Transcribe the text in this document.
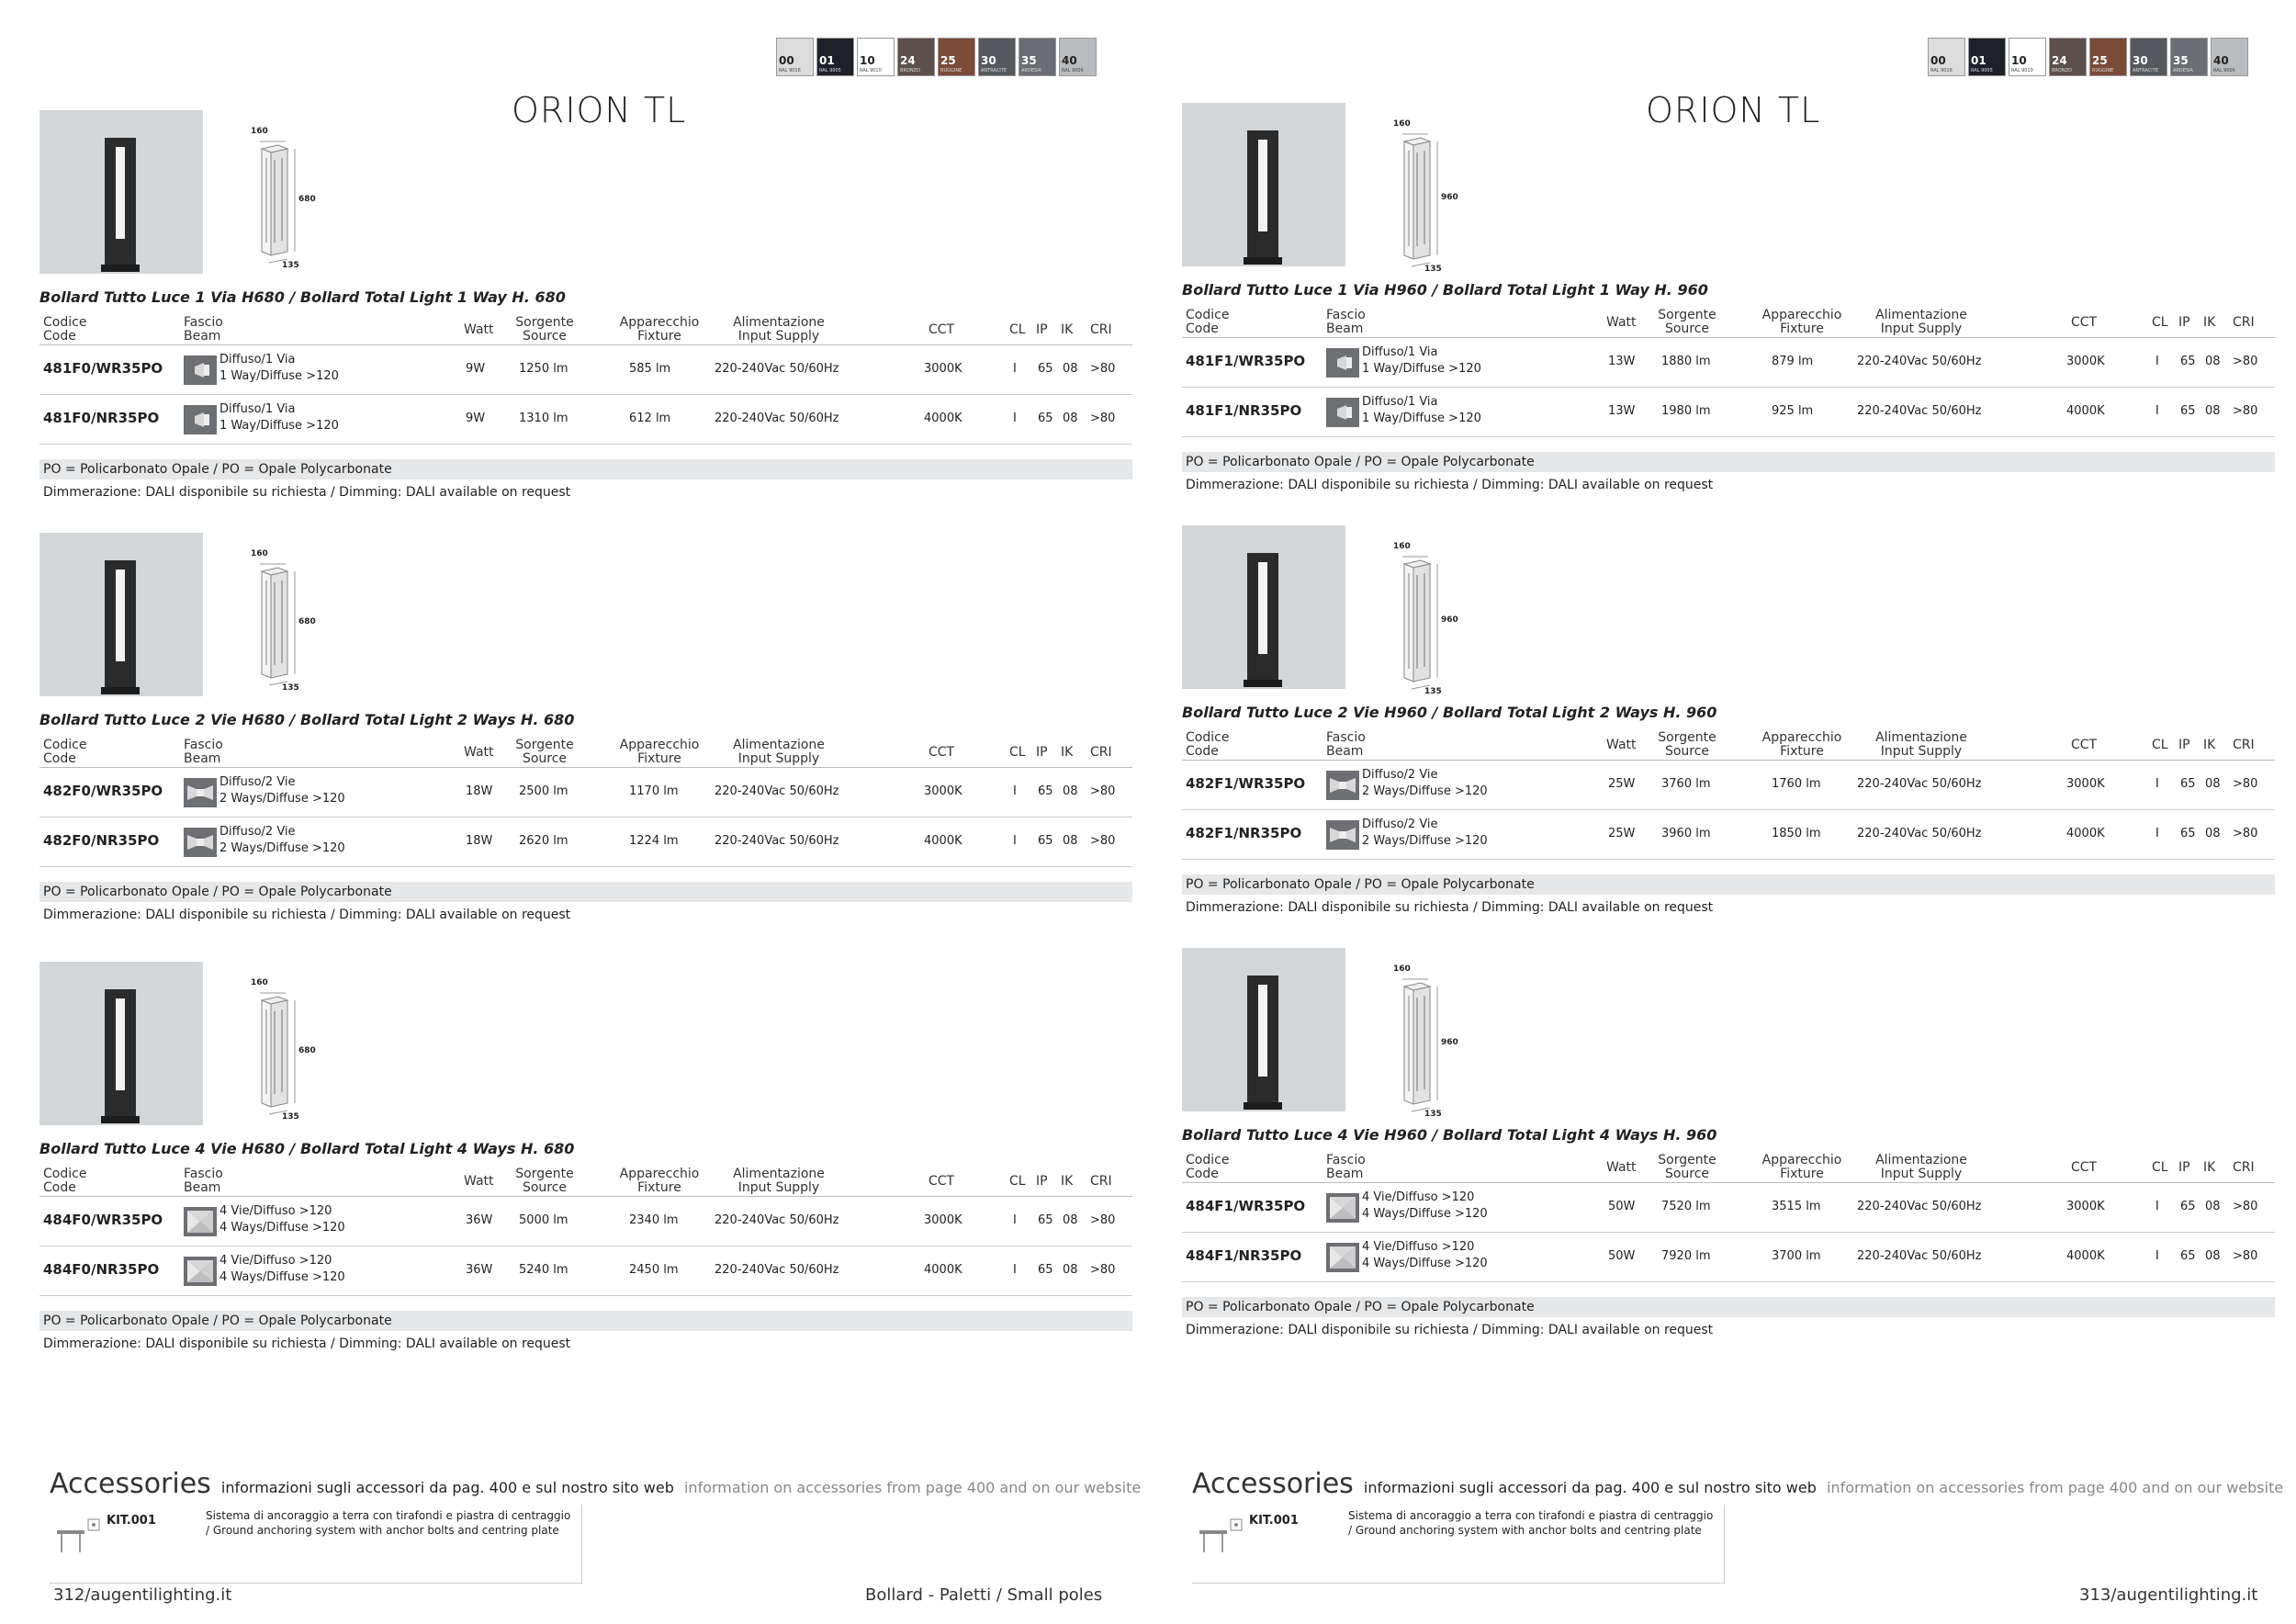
00
RAL 9016
01
RAL 9005
10
RAL 9010
24
BRONZO
25
RUGGINE
30
ANTRACITE
35
ARDESIA
40
RAL 9006
ORION TL
160
680
135
Bollard Tutto Luce 1 Via H680 / Bollard Total Light 1 Way H. 680
Codice
Code
Fascio
Beam
Sorgente
Source
Apparecchio
Fixture
Alimentazione
Input Supply
Watt	CCT	CL IP IK CRI
481F0/WR35PO
Diffuso/1 Via
1 Way/Diffuse >120
9W	1250 lm	585 lm	220-240Vac 50/60Hz	3000K	I 65 08 >80
481F0/NR35PO
Diffuso/1 Via
1 Way/Diffuse >120
9W	1310 lm	612 lm	220-240Vac 50/60Hz	4000K	I 65 08 >80
PO = Policarbonato Opale / PO = Opale Polycarbonate
Dimmerazione: DALI disponibile su richiesta / Dimming: DALI available on request
160
680
135
Bollard Tutto Luce 2 Vie H680 / Bollard Total Light 2 Ways H. 680
Codice
Code
Fascio
Beam
Sorgente
Source
Apparecchio
Fixture
Alimentazione
Input Supply
Watt	CCT	CL IP IK CRI
482F0/WR35PO
Diffuso/2 Vie
2 Ways/Diffuse >120
18W 2500 lm	1170 lm	220-240Vac 50/60Hz	3000K	I 65 08 >80
482F0/NR35PO
Diffuso/2 Vie
2 Ways/Diffuse >120
18W 2620 lm	1224 lm	220-240Vac 50/60Hz	4000K	I 65 08 >80
PO = Policarbonato Opale / PO = Opale Polycarbonate
Dimmerazione: DALI disponibile su richiesta / Dimming: DALI available on request
160
680
135
Bollard Tutto Luce 4 Vie H680 / Bollard Total Light 4 Ways H. 680
Codice
Code
Fascio
Beam
Sorgente
Source
Apparecchio
Fixture
Alimentazione
Input Supply
Watt	CCT	CL IP IK CRI
484F0/WR35PO
4 Vie/Diffuso >120
4 Ways/Diffuse >120
36W 5000 lm	2340 lm	220-240Vac 50/60Hz	3000K	I 65 08 >80
484F0/NR35PO
4 Vie/Diffuso >120
4 Ways/Diffuse >120
36W 5240 lm	2450 lm	220-240Vac 50/60Hz	4000K	I 65 08 >80
PO = Policarbonato Opale / PO = Opale Polycarbonate
Dimmerazione: DALI disponibile su richiesta / Dimming: DALI available on request
Accessories informazioni sugli accessori da pag. 400 e sul nostro sito web information on accessories from page 400 and on our website
KIT.001	Sistema di ancoraggio a terra con tirafondi e piastra di centraggio / Ground anchoring system with anchor bolts and centring plate
312/augentilighting.it	Bollard - Paletti / Small poles
00
RAL 9016
01
RAL 9005
10
RAL 9010
24
BRONZO
25
RUGGINE
30
ANTRACITE
35
ARDESIA
40
RAL 9006
ORION TL
160
960
135
Bollard Tutto Luce 1 Via H960 / Bollard Total Light 1 Way H. 960
Codice
Code
Fascio
Beam
Sorgente
Source
Apparecchio
Fixture
Alimentazione
Input Supply
Watt	CCT	CL IP IK CRI
481F1/WR35PO
Diffuso/1 Via
1 Way/Diffuse >120
13W 1880 lm	879 lm	220-240Vac 50/60Hz	3000K	I 65 08 >80
481F1/NR35PO
Diffuso/1 Via
1 Way/Diffuse >120
13W 1980 lm	925 lm	220-240Vac 50/60Hz	4000K	I 65 08 >80
PO = Policarbonato Opale / PO = Opale Polycarbonate
Dimmerazione: DALI disponibile su richiesta / Dimming: DALI available on request
160
960
135
Bollard Tutto Luce 2 Vie H960 / Bollard Total Light 2 Ways H. 960
Codice
Code
Fascio
Beam
Sorgente
Source
Apparecchio
Fixture
Alimentazione
Input Supply
Watt	CCT	CL IP IK CRI
482F1/WR35PO
Diffuso/2 Vie
2 Ways/Diffuse >120
25W 3760 lm	1760 lm	220-240Vac 50/60Hz	3000K	I 65 08 >80
482F1/NR35PO
Diffuso/2 Vie
2 Ways/Diffuse >120
25W 3960 lm	1850 lm	220-240Vac 50/60Hz	4000K	I 65 08 >80
PO = Policarbonato Opale / PO = Opale Polycarbonate
Dimmerazione: DALI disponibile su richiesta / Dimming: DALI available on request
160
960
135
Bollard Tutto Luce 4 Vie H960 / Bollard Total Light 4 Ways H. 960
Codice
Code
Fascio
Beam
Sorgente
Source
Apparecchio
Fixture
Alimentazione
Input Supply
Watt	CCT	CL IP IK CRI
484F1/WR35PO
4 Vie/Diffuso >120
4 Ways/Diffuse >120
50W 7520 lm	3515 lm	220-240Vac 50/60Hz	3000K	I 65 08 >80
484F1/NR35PO
4 Vie/Diffuso >120
4 Ways/Diffuse >120
50W 7920 lm	3700 lm	220-240Vac 50/60Hz	4000K	I 65 08 >80
PO = Policarbonato Opale / PO = Opale Polycarbonate
Dimmerazione: DALI disponibile su richiesta / Dimming: DALI available on request
Accessories informazioni sugli accessori da pag. 400 e sul nostro sito web information on accessories from page 400 and on our website
KIT.001	Sistema di ancoraggio a terra con tirafondi e piastra di centraggio / Ground anchoring system with anchor bolts and centring plate
313/augentilighting.it
